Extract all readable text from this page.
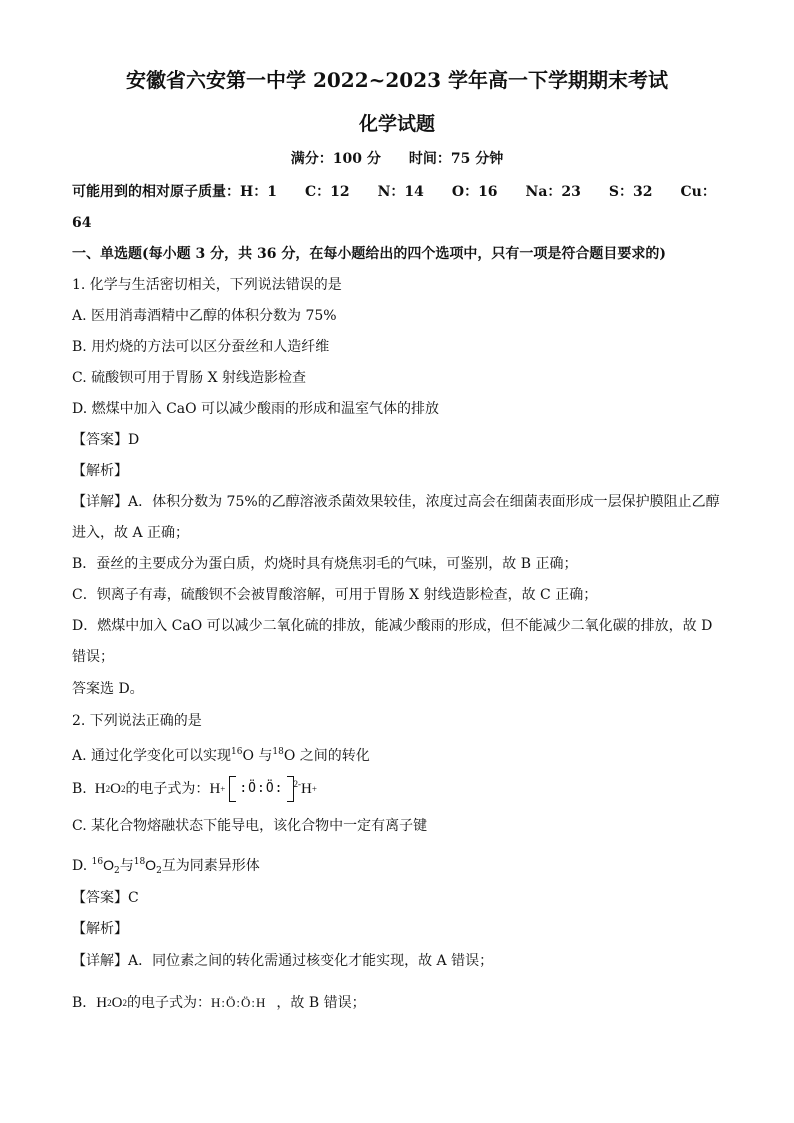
安徽省六安第一中学 2022~2023 学年高一下学期期末考试
化学试题
满分：100 分　　时间：75 分钟
可能用到的相对原子质量：H：1　　C：12　　N：14　　O：16　　Na：23　　S：32　　Cu：
64
一、单选题(每小题 3 分，共 36 分，在每小题给出的四个选项中，只有一项是符合题目要求的)
1. 化学与生活密切相关，下列说法错误的是
A. 医用消毒酒精中乙醇的体积分数为 75%
B. 用灼烧的方法可以区分蚕丝和人造纤维
C. 硫酸钡可用于胃肠 X 射线造影检查
D. 燃煤中加入 CaO 可以减少酸雨的形成和温室气体的排放
【答案】D
【解析】
【详解】A．体积分数为 75%的乙醇溶液杀菌效果较佳，浓度过高会在细菌表面形成一层保护膜阻止乙醇
进入，故 A 正确；
B．蚕丝的主要成分为蛋白质，灼烧时具有烧焦羽毛的气味，可鉴别，故 B 正确；
C．钡离子有毒，硫酸钡不会被胃酸溶解，可用于胃肠 X 射线造影检查，故 C 正确；
D．燃煤中加入 CaO 可以减少二氧化硫的排放，能减少酸雨的形成，但不能减少二氧化碳的排放，故 D
错误；
答案选 D。
2. 下列说法正确的是
A. 通过化学变化可以实现$^{16}$O 与$^{18}$O 之间的转化
B. H 2 O 2 的电子式为： H + :Ö:Ö: 2- H +
C. 某化合物熔融状态下能导电，该化合物中一定有离子键
D. $^{16}O_2$与$^{18}O_2$互为同素异形体
【答案】C
【解析】
【详解】A．同位素之间的转化需通过核变化才能实现，故 A 错误；
B． H 2 O 2 的电子式为： H:Ö:Ö:H ，故 B 错误；
